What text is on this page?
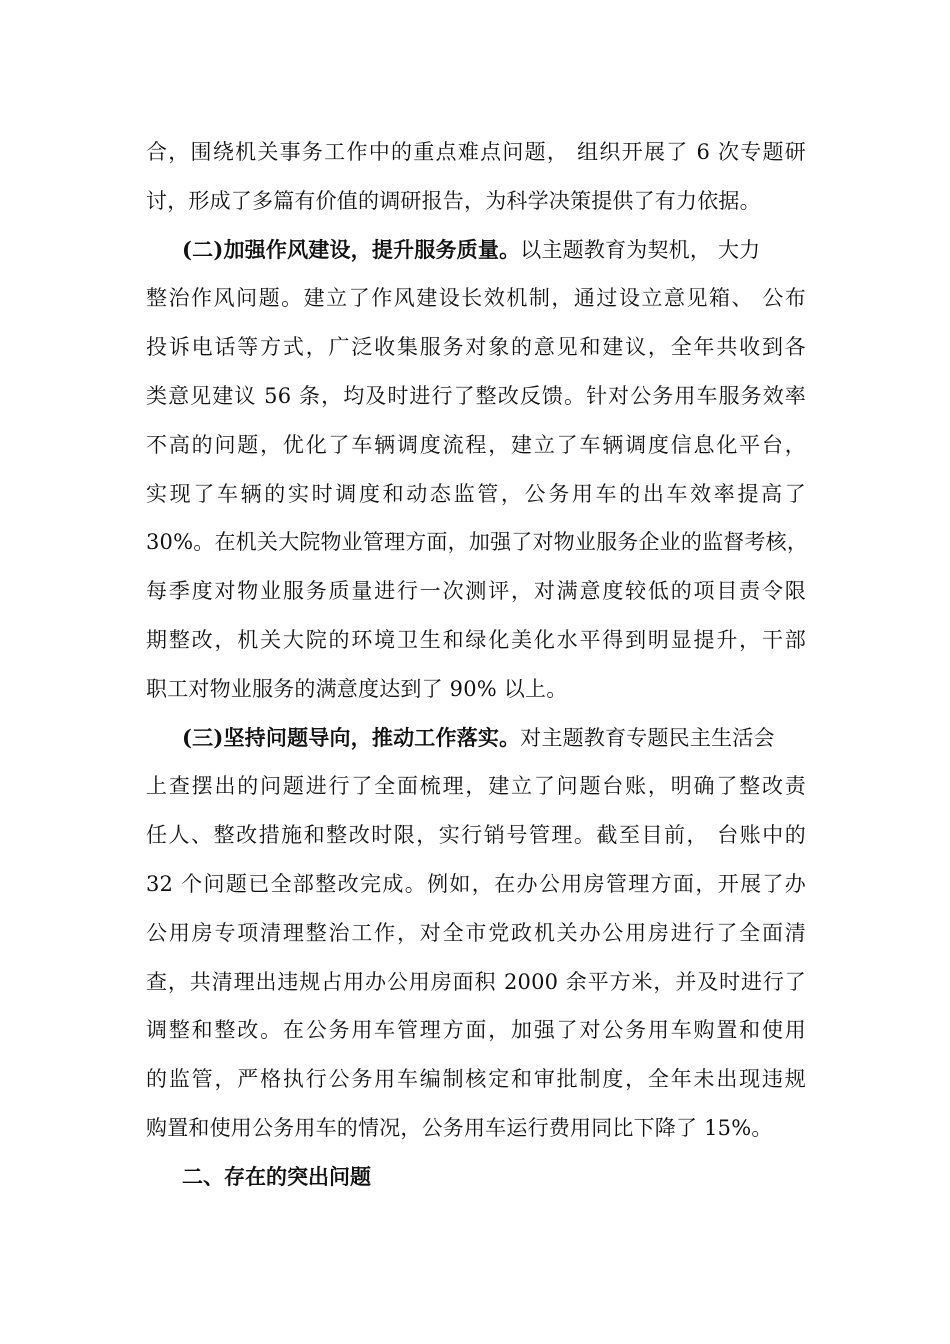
合，围绕机关事务工作中的重点难点问题， 组织开展了 6 次专题研
讨，形成了多篇有价值的调研报告，为科学决策提供了有力依据。
(二)加强作风建设，提升服务质量。以主题教育为契机， 大力
整治作风问题。建立了作风建设长效机制，通过设立意见箱、 公布
投诉电话等方式，广泛收集服务对象的意见和建议，全年共收到各
类意见建议 56 条，均及时进行了整改反馈。针对公务用车服务效率
不高的问题，优化了车辆调度流程，建立了车辆调度信息化平台，
实现了车辆的实时调度和动态监管，公务用车的出车效率提高了
30%。在机关大院物业管理方面，加强了对物业服务企业的监督考核，
每季度对物业服务质量进行一次测评，对满意度较低的项目责令限
期整改，机关大院的环境卫生和绿化美化水平得到明显提升，干部
职工对物业服务的满意度达到了 90% 以上。
(三)坚持问题导向，推动工作落实。对主题教育专题民主生活会
上查摆出的问题进行了全面梳理，建立了问题台账，明确了整改责
任人、整改措施和整改时限，实行销号管理。截至目前， 台账中的
32 个问题已全部整改完成。例如，在办公用房管理方面，开展了办
公用房专项清理整治工作，对全市党政机关办公用房进行了全面清
查，共清理出违规占用办公用房面积 2000 余平方米，并及时进行了
调整和整改。在公务用车管理方面，加强了对公务用车购置和使用
的监管，严格执行公务用车编制核定和审批制度，全年未出现违规
购置和使用公务用车的情况，公务用车运行费用同比下降了 15%。
二、存在的突出问题
